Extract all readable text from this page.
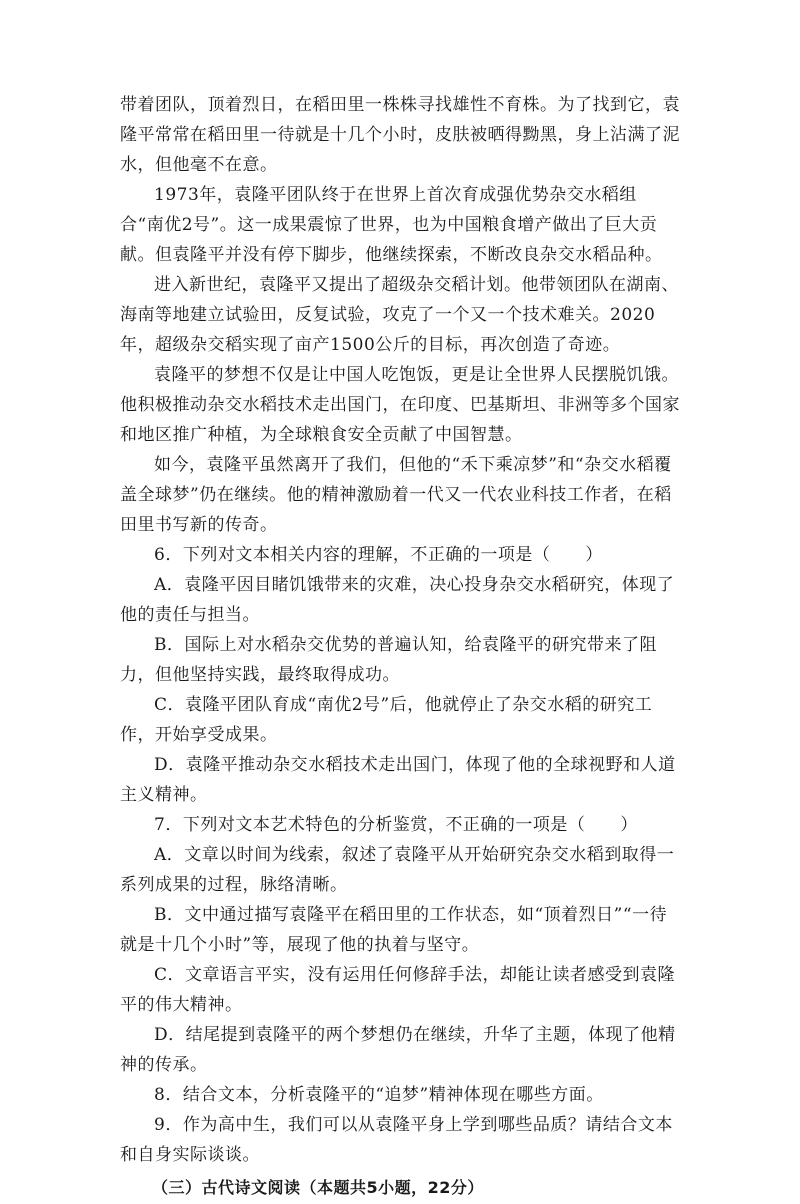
带着团队，顶着烈日，在稻田里一株株寻找雄性不育株。为了找到它，袁隆平常常在稻田里一待就是十几个小时，皮肤被晒得黝黑，身上沾满了泥水，但他毫不在意。

1973年，袁隆平团队终于在世界上首次育成强优势杂交水稻组合“南优2号”。这一成果震惊了世界，也为中国粮食增产做出了巨大贡献。但袁隆平并没有停下脚步，他继续探索，不断改良杂交水稻品种。

进入新世纪，袁隆平又提出了超级杂交稻计划。他带领团队在湖南、海南等地建立试验田，反复试验，攻克了一个又一个技术难关。2020年，超级杂交稻实现了亩产1500公斤的目标，再次创造了奇迹。

袁隆平的梦想不仅是让中国人吃饱饭，更是让全世界人民摆脱饥饿。他积极推动杂交水稻技术走出国门，在印度、巴基斯坦、非洲等多个国家和地区推广种植，为全球粮食安全贡献了中国智慧。

如今，袁隆平虽然离开了我们，但他的“禾下乘凉梦”和“杂交水稻覆盖全球梦”仍在继续。他的精神激励着一代又一代农业科技工作者，在稻田里书写新的传奇。

6．下列对文本相关内容的理解，不正确的一项是（　　）

A．袁隆平因目睹饥饿带来的灾难，决心投身杂交水稻研究，体现了他的责任与担当。

B．国际上对水稻杂交优势的普遍认知，给袁隆平的研究带来了阻力，但他坚持实践，最终取得成功。

C．袁隆平团队育成“南优2号”后，他就停止了杂交水稻的研究工作，开始享受成果。

D．袁隆平推动杂交水稻技术走出国门，体现了他的全球视野和人道主义精神。

7．下列对文本艺术特色的分析鉴赏，不正确的一项是（　　）

A．文章以时间为线索，叙述了袁隆平从开始研究杂交水稻到取得一系列成果的过程，脉络清晰。

B．文中通过描写袁隆平在稻田里的工作状态，如“顶着烈日”“一待就是十几个小时”等，展现了他的执着与坚守。

C．文章语言平实，没有运用任何修辞手法，却能让读者感受到袁隆平的伟大精神。

D．结尾提到袁隆平的两个梦想仍在继续，升华了主题，体现了他精神的传承。

8．结合文本，分析袁隆平的“追梦”精神体现在哪些方面。

9．作为高中生，我们可以从袁隆平身上学到哪些品质？请结合文本和自身实际谈谈。

（三）古代诗文阅读（本题共5小题，22分）
